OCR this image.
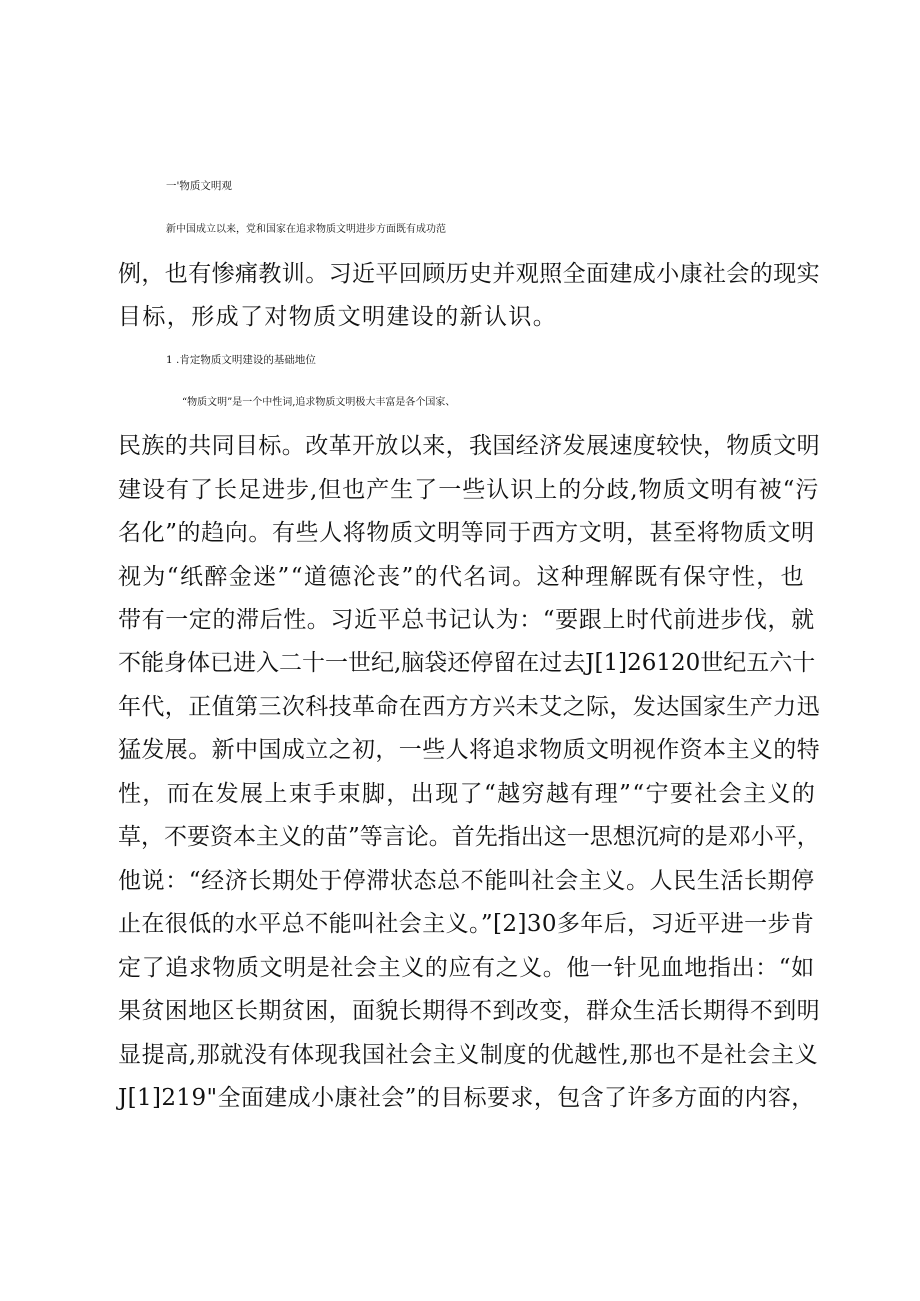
一'物质文明观
新中国成立以来，党和国家在追求物质文明进步方面既有成功范
例，也有惨痛教训。习近平回顾历史并观照全面建成小康社会的现实
目标，形成了对物质文明建设的新认识。
1 .肯定物质文明建设的基础地位
“物质文明”是一个中性词,追求物质文明极大丰富是各个国家、
民族的共同目标。改革开放以来，我国经济发展速度较快，物质文明
建设有了长足进步,但也产生了一些认识上的分歧,物质文明有被“污
名化”的趋向。有些人将物质文明等同于西方文明，甚至将物质文明
视为“纸醉金迷”“道德沦丧”的代名词。这种理解既有保守性，也
带有一定的滞后性。习近平总书记认为：“要跟上时代前进步伐，就
不能身体已进入二十一世纪,脑袋还停留在过去J[1]26120世纪五六十
年代，正值第三次科技革命在西方方兴未艾之际，发达国家生产力迅
猛发展。新中国成立之初，一些人将追求物质文明视作资本主义的特
性，而在发展上束手束脚，出现了“越穷越有理”“宁要社会主义的
草，不要资本主义的苗”等言论。首先指出这一思想沉疴的是邓小平，
他说：“经济长期处于停滞状态总不能叫社会主义。人民生活长期停
止在很低的水平总不能叫社会主义。”[2]30多年后，习近平进一步肯
定了追求物质文明是社会主义的应有之义。他一针见血地指出：“如
果贫困地区长期贫困，面貌长期得不到改变，群众生活长期得不到明
显提高,那就没有体现我国社会主义制度的优越性,那也不是社会主义
J[1]219"全面建成小康社会”的目标要求，包含了许多方面的内容，
